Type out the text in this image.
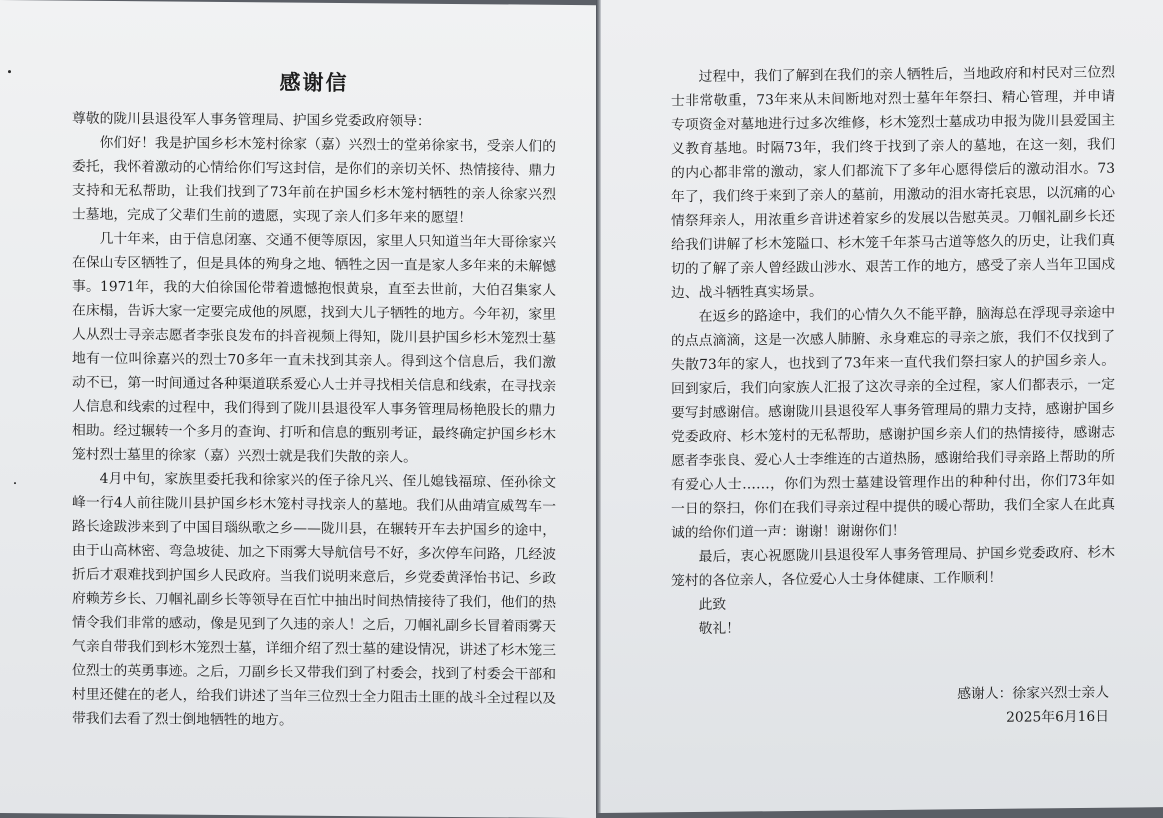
感谢信

尊敬的陇川县退役军人事务管理局、护国乡党委政府领导：

你们好！我是护国乡杉木笼村徐家（嘉）兴烈士的堂弟徐家书，受亲人们的委托，我怀着激动的心情给你们写这封信，是你们的亲切关怀、热情接待、鼎力支持和无私帮助，让我们找到了73年前在护国乡杉木笼村牺牲的亲人徐家兴烈士墓地，完成了父辈们生前的遗愿，实现了亲人们多年来的愿望！

几十年来，由于信息闭塞、交通不便等原因，家里人只知道当年大哥徐家兴在保山专区牺牲了，但是具体的殉身之地、牺牲之因一直是家人多年来的未解憾事。1971年，我的大伯徐国伦带着遗憾抱恨黄泉，直至去世前，大伯召集家人在床榻，告诉大家一定要完成他的夙愿，找到大儿子牺牲的地方。今年初，家里人从烈士寻亲志愿者李张良发布的抖音视频上得知，陇川县护国乡杉木笼烈士墓地有一位叫徐嘉兴的烈士70多年一直未找到其亲人。得到这个信息后，我们激动不已，第一时间通过各种渠道联系爱心人士并寻找相关信息和线索，在寻找亲人信息和线索的过程中，我们得到了陇川县退役军人事务管理局杨艳股长的鼎力相助。经过辗转一个多月的查询、打听和信息的甄别考证，最终确定护国乡杉木笼村烈士墓里的徐家（嘉）兴烈士就是我们失散的亲人。

4月中旬，家族里委托我和徐家兴的侄子徐凡兴、侄儿媳钱福琼、侄孙徐文峰一行4人前往陇川县护国乡杉木笼村寻找亲人的墓地。我们从曲靖宣威驾车一路长途跋涉来到了中国目瑙纵歌之乡——陇川县，在辗转开车去护国乡的途中，由于山高林密、弯急坡徒、加之下雨雾大导航信号不好，多次停车问路，几经波折后才艰难找到护国乡人民政府。当我们说明来意后，乡党委黄泽怡书记、乡政府赖芳乡长、刀帼礼副乡长等领导在百忙中抽出时间热情接待了我们，他们的热情令我们非常的感动，像是见到了久违的亲人！之后，刀帼礼副乡长冒着雨雾天气亲自带我们到杉木笼烈士墓，详细介绍了烈士墓的建设情况，讲述了杉木笼三位烈士的英勇事迹。之后，刀副乡长又带我们到了村委会，找到了村委会干部和村里还健在的老人，给我们讲述了当年三位烈士全力阻击土匪的战斗全过程以及带我们去看了烈士倒地牺牲的地方。

过程中，我们了解到在我们的亲人牺牲后，当地政府和村民对三位烈士非常敬重，73年来从未间断地对烈士墓年年祭扫、精心管理，并申请专项资金对墓地进行过多次维修，杉木笼烈士墓成功申报为陇川县爱国主义教育基地。时隔73年，我们终于找到了亲人的墓地，在这一刻，我们的内心都非常的激动，家人们都流下了多年心愿得偿后的激动泪水。73年了，我们终于来到了亲人的墓前，用激动的泪水寄托哀思，以沉痛的心情祭拜亲人，用浓重乡音讲述着家乡的发展以告慰英灵。刀帼礼副乡长还给我们讲解了杉木笼隘口、杉木笼千年茶马古道等悠久的历史，让我们真切的了解了亲人曾经跋山涉水、艰苦工作的地方，感受了亲人当年卫国戍边、战斗牺牲真实场景。

在返乡的路途中，我们的心情久久不能平静，脑海总在浮现寻亲途中的点点滴滴，这是一次感人肺腑、永身难忘的寻亲之旅，我们不仅找到了失散73年的家人，也找到了73年来一直代我们祭扫家人的护国乡亲人。回到家后，我们向家族人汇报了这次寻亲的全过程，家人们都表示，一定要写封感谢信。感谢陇川县退役军人事务管理局的鼎力支持，感谢护国乡党委政府、杉木笼村的无私帮助，感谢护国乡亲人们的热情接待，感谢志愿者李张良、爱心人士李维连的古道热肠，感谢给我们寻亲路上帮助的所有爱心人士……，你们为烈士墓建设管理作出的种种付出，你们73年如一日的祭扫，你们在我们寻亲过程中提供的暖心帮助，我们全家人在此真诚的给你们道一声：谢谢！谢谢你们！

最后，衷心祝愿陇川县退役军人事务管理局、护国乡党委政府、杉木笼村的各位亲人，各位爱心人士身体健康、工作顺利！

此致

敬礼！

感谢人：徐家兴烈士亲人

2025年6月16日
